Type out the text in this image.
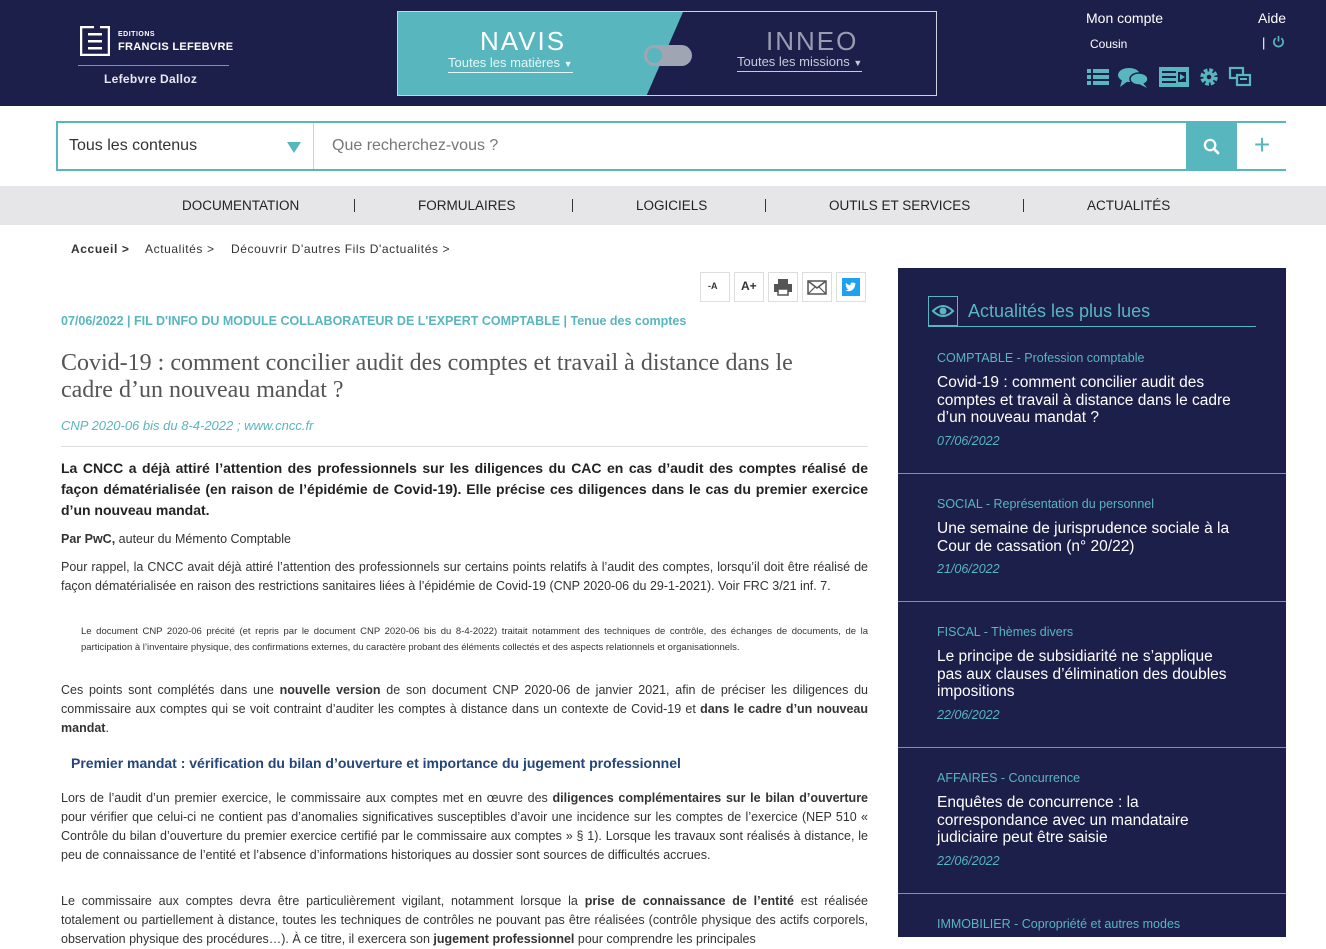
EDITIONS
FRANCIS LEFEBVRE
Lefebvre Dalloz
NAVIS
Toutes les matières ▼
INNEO
Toutes les missions ▼
Mon compte
Cousin
Aide
|
Tous les contenus
Que recherchez-vous ?	+
DOCUMENTATION	FORMULAIRES	LOGICIELS	OUTILS ET SERVICES	ACTUALITÉS
Accueil > Actualités > Découvrir D'autres Fils D'actualités >
-A A+
07/06/2022 | FIL D'INFO DU MODULE COLLABORATEUR DE L'EXPERT COMPTABLE | Tenue des comptes
Covid-19 : comment concilier audit des comptes et travail à distance dans le cadre d’un nouveau mandat ?
CNP 2020-06 bis du 8-4-2022 ; www.cncc.fr
La CNCC a déjà attiré l’attention des professionnels sur les diligences du CAC en cas d’audit des comptes réalisé de façon dématérialisée (en raison de l’épidémie de Covid-19). Elle précise ces diligences dans le cas du premier exercice d’un nouveau mandat.
Par PwC, auteur du Mémento Comptable
Pour rappel, la CNCC avait déjà attiré l’attention des professionnels sur certains points relatifs à l’audit des comptes, lorsqu’il doit être réalisé de façon dématérialisée en raison des restrictions sanitaires liées à l’épidémie de Covid-19 (CNP 2020-06 du 29-1-2021). Voir FRC 3/21 inf. 7.
Le document CNP 2020-06 précité (et repris par le document CNP 2020-06 bis du 8-4-2022) traitait notamment des techniques de contrôle, des échanges de documents, de la participation à l’inventaire physique, des confirmations externes, du caractère probant des éléments collectés et des aspects relationnels et organisationnels.
Ces points sont complétés dans une nouvelle version de son document CNP 2020-06 de janvier 2021, afin de préciser les diligences du commissaire aux comptes qui se voit contraint d’auditer les comptes à distance dans un contexte de Covid-19 et dans le cadre d’un nouveau mandat.
Premier mandat : vérification du bilan d’ouverture et importance du jugement professionnel
Lors de l’audit d’un premier exercice, le commissaire aux comptes met en œuvre des diligences complémentaires sur le bilan d’ouverture pour vérifier que celui-ci ne contient pas d’anomalies significatives susceptibles d’avoir une incidence sur les comptes de l’exercice (NEP 510 « Contrôle du bilan d’ouverture du premier exercice certifié par le commissaire aux comptes » § 1). Lorsque les travaux sont réalisés à distance, le peu de connaissance de l’entité et l’absence d’informations historiques au dossier sont sources de difficultés accrues.
Le commissaire aux comptes devra être particulièrement vigilant, notamment lorsque la prise de connaissance de l’entité est réalisée totalement ou partiellement à distance, toutes les techniques de contrôles ne pouvant pas être réalisées (contrôle physique des actifs corporels, observation physique des procédures…). À ce titre, il exercera son jugement professionnel pour comprendre les principales
Actualités les plus lues
COMPTABLE - Profession comptable
Covid-19 : comment concilier audit des comptes et travail à distance dans le cadre d’un nouveau mandat ?
07/06/2022
SOCIAL - Représentation du personnel
Une semaine de jurisprudence sociale à la Cour de cassation (n° 20/22)
21/06/2022
FISCAL - Thèmes divers
Le principe de subsidiarité ne s’applique pas aux clauses d’élimination des doubles impositions
22/06/2022
AFFAIRES - Concurrence
Enquêtes de concurrence : la correspondance avec un mandataire judiciaire peut être saisie
22/06/2022
IMMOBILIER - Copropriété et autres modes
